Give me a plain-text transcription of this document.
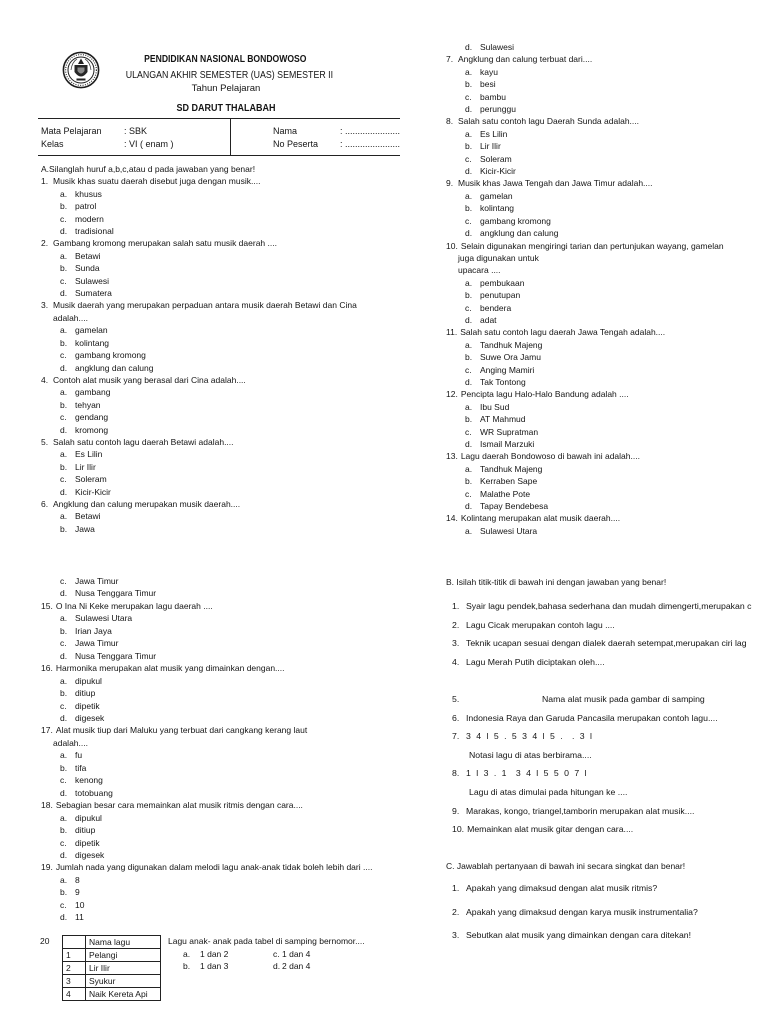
PENDIDIKAN NASIONAL BONDOWOSO
ULANGAN AKHIR SEMESTER (UAS) SEMESTER II
Tahun Pelajaran
SD DARUT THALABAH
Mata Pelajaran : SBK	Nama	: ......................
Kelas	: VI ( enam )	No Peserta : ......................
A.Silanglah huruf a,b,c,atau d pada jawaban yang benar!
1. Musik khas suatu daerah disebut juga dengan musik....
a. khusus
b. patrol
c. modern
d. tradisional
2. Gambang kromong merupakan salah satu musik daerah ....
a. Betawi
b. Sunda
c. Sulawesi
d. Sumatera
3. Musik daerah yang merupakan perpaduan antara musik daerah Betawi dan Cina
adalah....
a. gamelan
b. kolintang
c. gambang kromong
d. angklung dan calung
4. Contoh alat musik yang berasal dari Cina adalah....
a. gambang
b. tehyan
c. gendang
d. kromong
5. Salah satu contoh lagu daerah Betawi adalah....
a. Es Lilin
b. Lir Ilir
c. Soleram
d. Kicir-Kicir
6. Angklung dan calung merupakan musik daerah....
a. Betawi
b. Jawa
d. Sulawesi
7. Angklung dan calung terbuat dari....
a. kayu
b. besi
c. bambu
d. perunggu
8. Salah satu contoh lagu Daerah Sunda adalah....
a. Es Lilin
b. Lir Ilir
c. Soleram
d. Kicir-Kicir
9. Musik khas Jawa Tengah dan Jawa Timur adalah....
a. gamelan
b. kolintang
c. gambang kromong
d. angklung dan calung
10. Selain digunakan mengiringi tarian dan pertunjukan wayang, gamelan
juga digunakan untuk
upacara ....
a. pembukaan
b. penutupan
c. bendera
d. adat
11. Salah satu contoh lagu daerah Jawa Tengah adalah....
a. Tandhuk Majeng
b. Suwe Ora Jamu
c. Anging Mamiri
d. Tak Tontong
12. Pencipta lagu Halo-Halo Bandung adalah ....
a. Ibu Sud
b. AT Mahmud
c. WR Supratman
d. Ismail Marzuki
13. Lagu daerah Bondowoso di bawah ini adalah....
a. Tandhuk Majeng
b. Kerraben Sape
c. Malathe Pote
d. Tapay Bendebesa
14. Kolintang merupakan alat musik daerah....
a. Sulawesi Utara
c. Jawa Timur
d. Nusa Tenggara Timur
15. O Ina Ni Keke merupakan lagu daerah ....
a. Sulawesi Utara
b. Irian Jaya
c. Jawa Timur
d. Nusa Tenggara Timur
16. Harmonika merupakan alat musik yang dimainkan dengan....
a. dipukul
b. ditiup
c. dipetik
d. digesek
17. Alat musik tiup dari Maluku yang terbuat dari cangkang kerang laut
adalah....
a. fu
b. tifa
c. kenong
d. totobuang
18. Sebagian besar cara memainkan alat musik ritmis dengan cara....
a. dipukul
b. ditiup
c. dipetik
d. digesek
19. Jumlah nada yang digunakan dalam melodi lagu anak-anak tidak boleh lebih dari ....
a. 8
b. 9
c. 10
d. 11
20
		Nama lagu
1	Pelangi
2	Lir Ilir
3	Syukur
4	Naik Kereta Api
Lagu anak- anak pada tabel di samping bernomor....
a. 1 dan 2
b. 1 dan 3
c. 1 dan 4
d. 2 dan 4
B. Isilah titik-titik di bawah ini dengan jawaban yang benar!
1. Syair lagu pendek,bahasa sederhana dan mudah dimengerti,merupakan c
2. Lagu Cicak merupakan contoh lagu ....
3. Teknik ucapan sesuai dengan dialek daerah setempat,merupakan ciri lag
4. Lagu Merah Putih diciptakan oleh....
5.	Nama alat musik pada gambar di samping
6. Indonesia Raya dan Garuda Pancasila merupakan contoh lagu....
7. 3 4 l 5 . 5 3 4 l 5 .  . 3 l
Notasi lagu di atas berbirama....
8. 1 l 3 . 1  3 4 l 5 5 0 7 l
Lagu di atas dimulai pada hitungan ke ....
9. Marakas, kongo, triangel,tamborin merupakan alat musik....
10. Memainkan alat musik gitar dengan cara....
C. Jawablah pertanyaan di bawah ini secara singkat dan benar!
1. Apakah yang dimaksud dengan alat musik ritmis?
2. Apakah yang dimaksud dengan karya musik instrumentalia?
3. Sebutkan alat musik yang dimainkan dengan cara ditekan!
